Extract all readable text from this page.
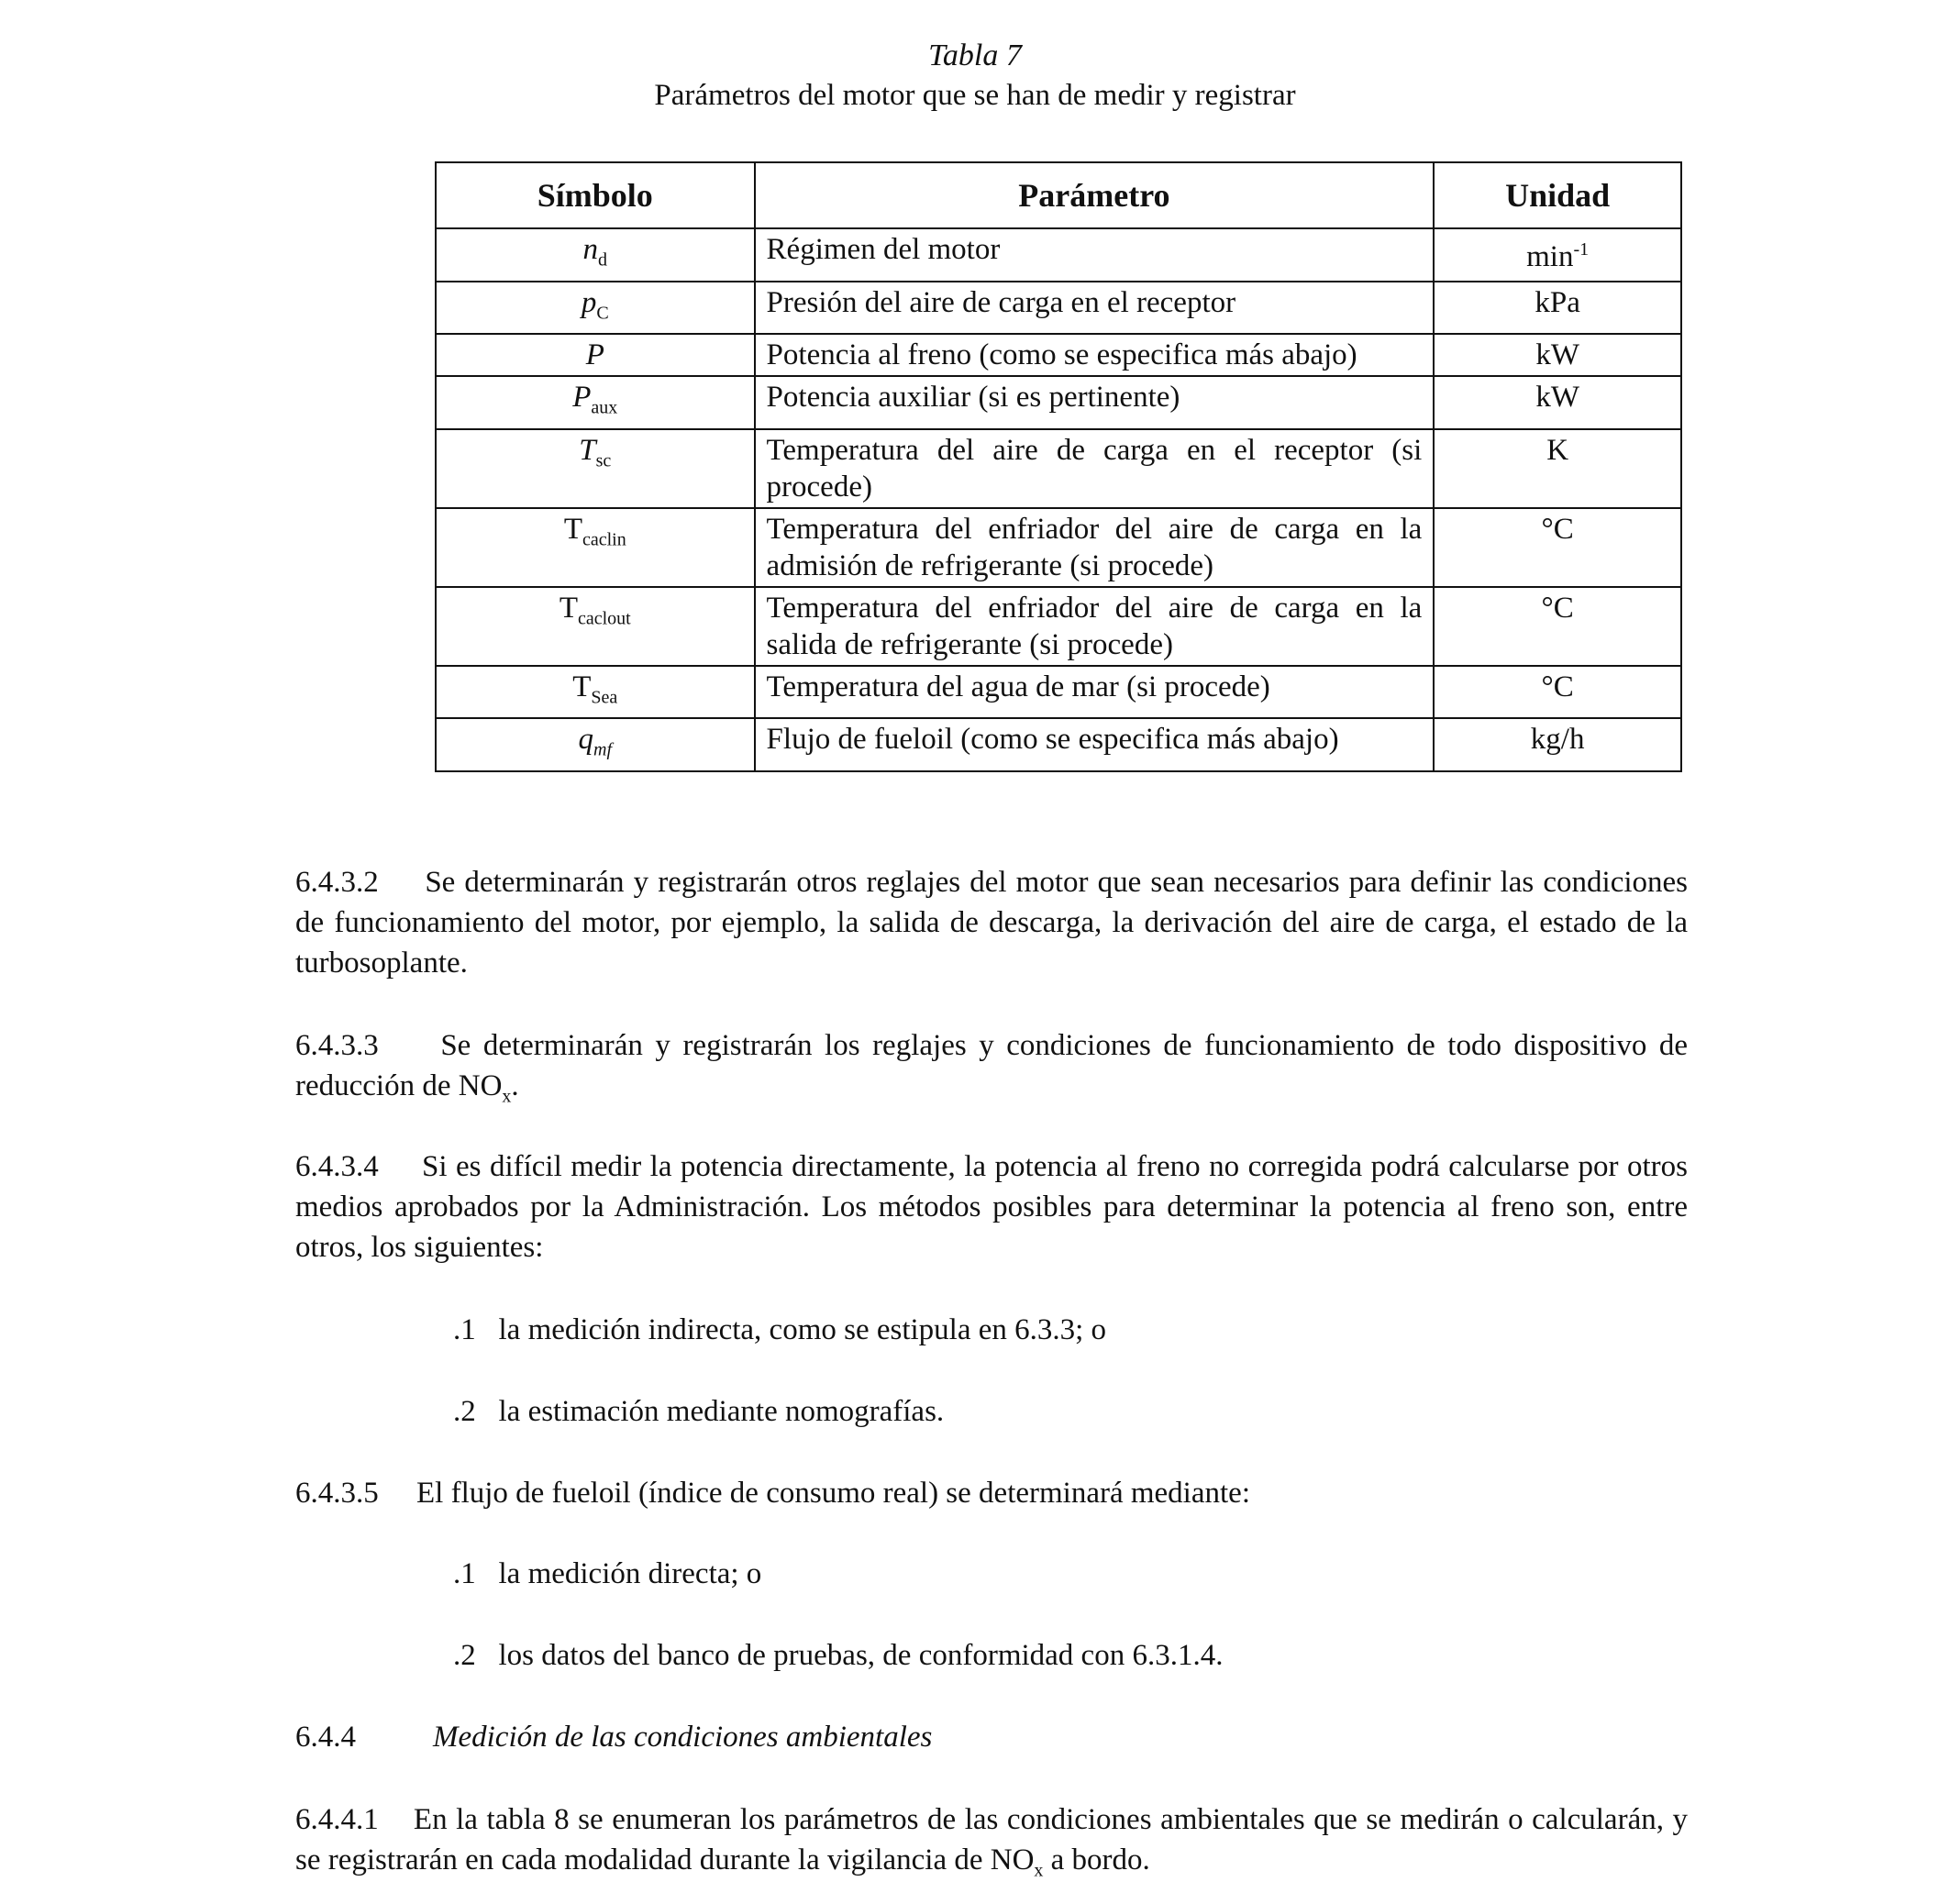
Tabla 7
Parámetros del motor que se han de medir y registrar
Símbolo	Parámetro	Unidad
$n_d$	Régimen del motor	$\min^{-1}$
$p_C$	Presión del aire de carga en el receptor	kPa
P	Potencia al freno (como se especifica más abajo)	kW
$P_{aux}$	Potencia auxiliar (si es pertinente)	kW
$T_{sc}$	Temperatura del aire de carga en el receptor (si procede)	K
$T_{caclin}$	Temperatura del enfriador del aire de carga en la admisión de refrigerante (si procede)	°C
$T_{caclout}$	Temperatura del enfriador del aire de carga en la salida de refrigerante (si procede)	°C
$T_{Sea}$	Temperatura del agua de mar (si procede)	°C
$q_{mf}$	Flujo de fueloil (como se especifica más abajo)	kg/h
6.4.3.2 Se determinarán y registrarán otros reglajes del motor que sean necesarios para definir las condiciones de funcionamiento del motor, por ejemplo, la salida de descarga, la derivación del aire de carga, el estado de la turbosoplante.
6.4.3.3 Se determinarán y registrarán los reglajes y condiciones de funcionamiento de todo dispositivo de reducción de $NO_x$.
6.4.3.4 Si es difícil medir la potencia directamente, la potencia al freno no corregida podrá calcularse por otros medios aprobados por la Administración. Los métodos posibles para determinar la potencia al freno son, entre otros, los siguientes:
.1 la medición indirecta, como se estipula en 6.3.3; o
.2 la estimación mediante nomografías.
6.4.3.5 El flujo de fueloil (índice de consumo real) se determinará mediante:
.1 la medición directa; o
.2 los datos del banco de pruebas, de conformidad con 6.3.1.4.
6.4.4	Medición de las condiciones ambientales
6.4.4.1 En la tabla 8 se enumeran los parámetros de las condiciones ambientales que se medirán o calcularán, y se registrarán en cada modalidad durante la vigilancia de $NO_x$ a bordo.
